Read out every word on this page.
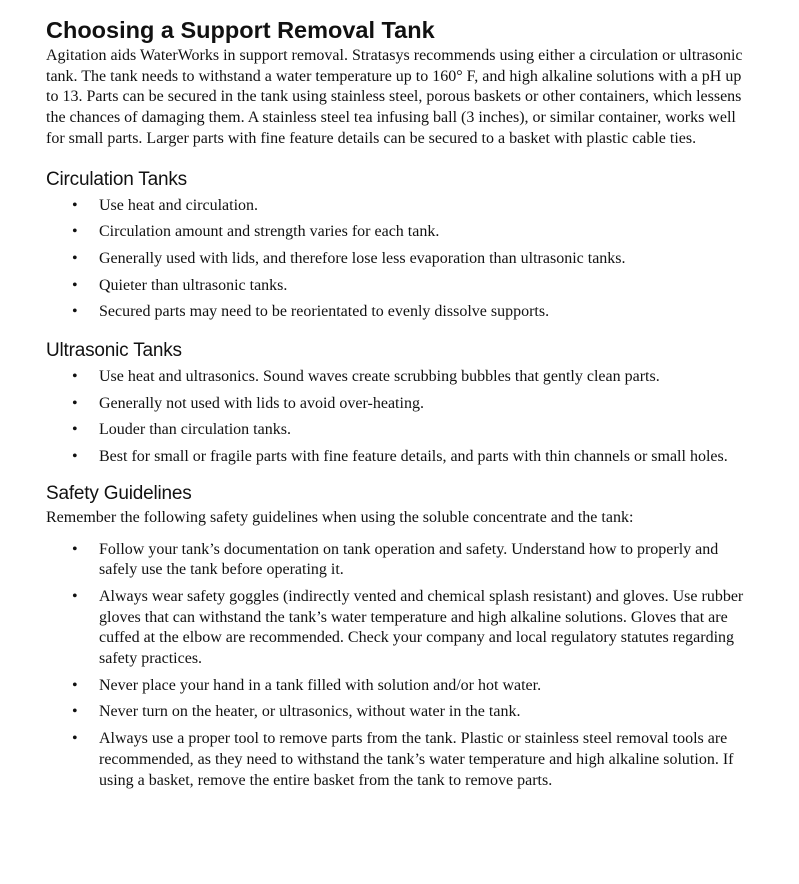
Choosing a Support Removal Tank

Agitation aids WaterWorks in support removal. Stratasys recommends using either a circulation or ultrasonic tank. The tank needs to withstand a water temperature up to 160° F, and high alkaline solutions with a pH up to 13. Parts can be secured in the tank using stainless steel, porous baskets or other containers, which lessens the chances of damaging them. A stainless steel tea infusing ball (3 inches), or similar container, works well for small parts. Larger parts with fine feature details can be secured to a basket with plastic cable ties.

Circulation Tanks
• Use heat and circulation.
• Circulation amount and strength varies for each tank.
• Generally used with lids, and therefore lose less evaporation than ultrasonic tanks.
• Quieter than ultrasonic tanks.
• Secured parts may need to be reorientated to evenly dissolve supports.
Ultrasonic Tanks
• Use heat and ultrasonics. Sound waves create scrubbing bubbles that gently clean parts.
• Generally not used with lids to avoid over-heating.
• Louder than circulation tanks.
• Best for small or fragile parts with fine feature details, and parts with thin channels or small holes.
Safety Guidelines

Remember the following safety guidelines when using the soluble concentrate and the tank:

• Follow your tank’s documentation on tank operation and safety. Understand how to properly and safely use the tank before operating it.
• Always wear safety goggles (indirectly vented and chemical splash resistant) and gloves. Use rubber gloves that can withstand the tank’s water temperature and high alkaline solutions. Gloves that are cuffed at the elbow are recommended. Check your company and local regulatory statutes regarding safety practices.
• Never place your hand in a tank filled with solution and/or hot water.
• Never turn on the heater, or ultrasonics, without water in the tank.
• Always use a proper tool to remove parts from the tank. Plastic or stainless steel removal tools are recommended, as they need to withstand the tank’s water temperature and high alkaline solution. If using a basket, remove the entire basket from the tank to remove parts.
